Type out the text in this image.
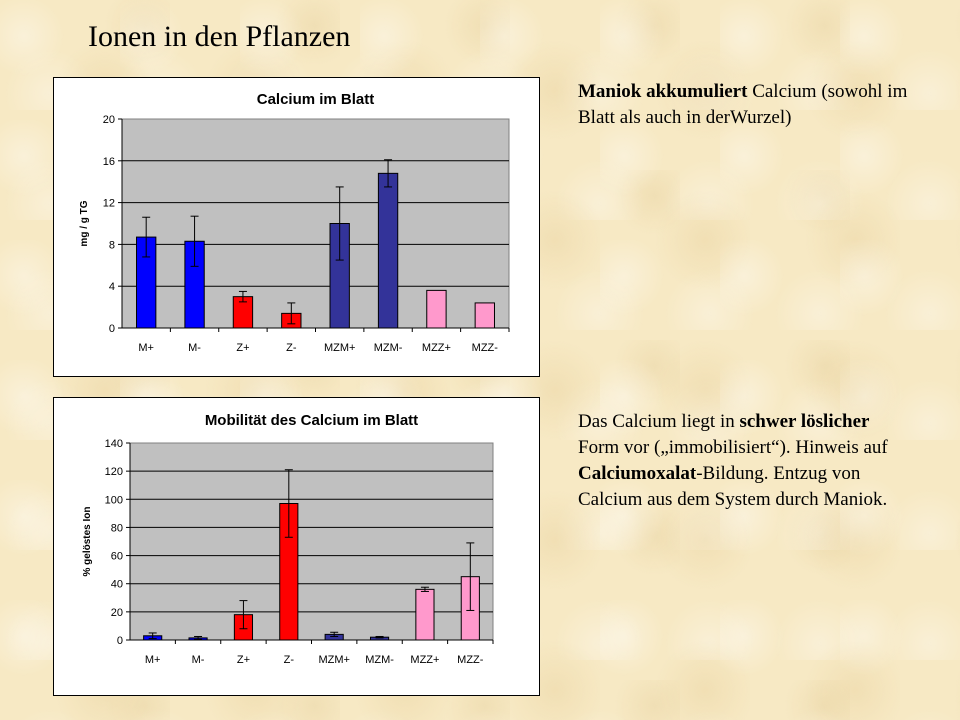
Ionen in den Pflanzen
Calcium im Blatt
0
4
8
12
16
20
mg / g TG
M+	M-	Z+	Z- MZM+ MZM- MZZ+ MZZ-
Mobilität des Calcium im Blatt
0
20
40
60
80
100
120
140
% gelöstes Ion
M+	M-	Z+	Z- MZM+ MZM- MZZ+ MZZ-
Maniok akkumuliert Calcium (sowohl im Blatt als auch in derWurzel)
Das Calcium liegt in schwer löslicher Form vor („immobilisiert“). Hinweis auf Calciumoxalat-Bildung. Entzug von Calcium aus dem System durch Maniok.
